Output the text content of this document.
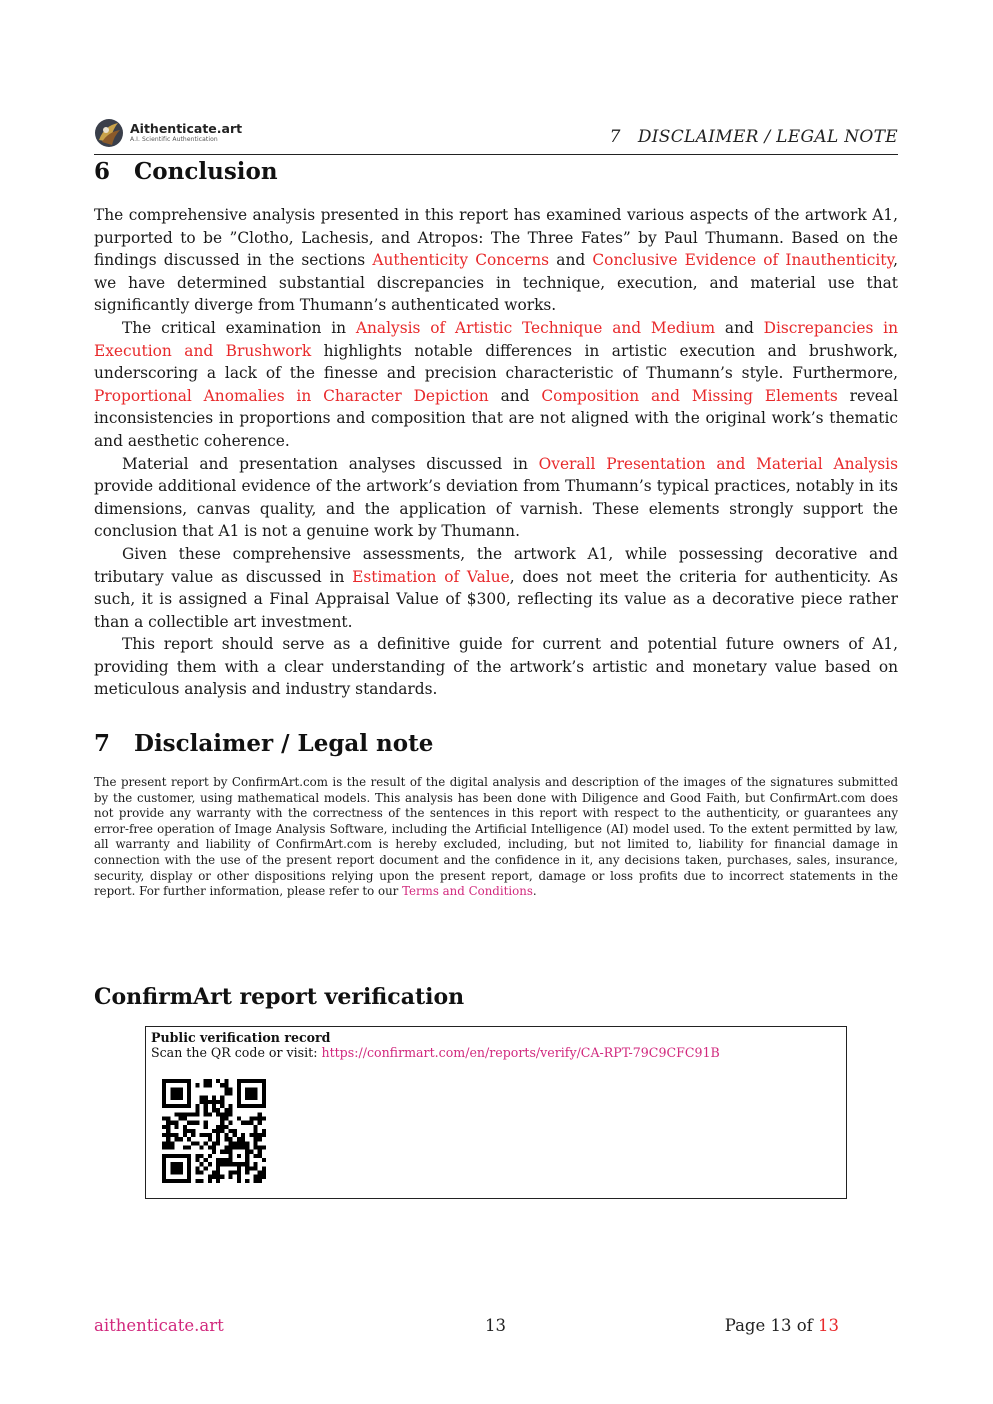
Aithenticate.art
A.I. Scientific Authentication	7   DISCLAIMER / LEGAL NOTE
6 Conclusion

The comprehensive analysis presented in this report has examined various aspects of the artwork A1, purported to be ”Clotho, Lachesis, and Atropos: The Three Fates” by Paul Thumann. Based on the findings discussed in the sections Authenticity Concerns and Conclusive Evidence of Inauthenticity, we have determined substantial discrepancies in technique, execution, and material use that significantly diverge from Thumann’s authenticated works.

The critical examination in Analysis of Artistic Technique and Medium and Discrepancies in Execution and Brushwork highlights notable differences in artistic execution and brushwork, underscoring a lack of the finesse and precision characteristic of Thumann’s style. Furthermore, Proportional Anomalies in Character Depiction and Composition and Missing Elements reveal inconsistencies in proportions and composition that are not aligned with the original work’s thematic and aesthetic coherence.

Material and presentation analyses discussed in Overall Presentation and Material Analysis provide additional evidence of the artwork’s deviation from Thumann’s typical practices, notably in its dimensions, canvas quality, and the application of varnish. These elements strongly support the conclusion that A1 is not a genuine work by Thumann.

Given these comprehensive assessments, the artwork A1, while possessing decorative and tributary value as discussed in Estimation of Value, does not meet the criteria for authenticity. As such, it is assigned a Final Appraisal Value of $300, reflecting its value as a decorative piece rather than a collectible art investment.

This report should serve as a definitive guide for current and potential future owners of A1, providing them with a clear understanding of the artwork’s artistic and monetary value based on meticulous analysis and industry standards.

7 Disclaimer / Legal note

The present report by ConfirmArt.com is the result of the digital analysis and description of the images of the signatures submitted by the customer, using mathematical models. This analysis has been done with Diligence and Good Faith, but ConfirmArt.com does not provide any warranty with the correctness of the sentences in this report with respect to the authenticity, or guarantees any error-free operation of Image Analysis Software, including the Artificial Intelligence (AI) model used. To the extent permitted by law, all warranty and liability of ConfirmArt.com is hereby excluded, including, but not limited to, liability for financial damage in connection with the use of the present report document and the confidence in it, any decisions taken, purchases, sales, insurance, security, display or other dispositions relying upon the present report, damage or loss profits due to incorrect statements in the report. For further information, please refer to our Terms and Conditions.

ConfirmArt report verification
Public verification record
Scan the QR code or visit: https://confirmart.com/en/reports/verify/CA-RPT-79C9CFC91B
aithenticate.art	13	Page 13 of 13
